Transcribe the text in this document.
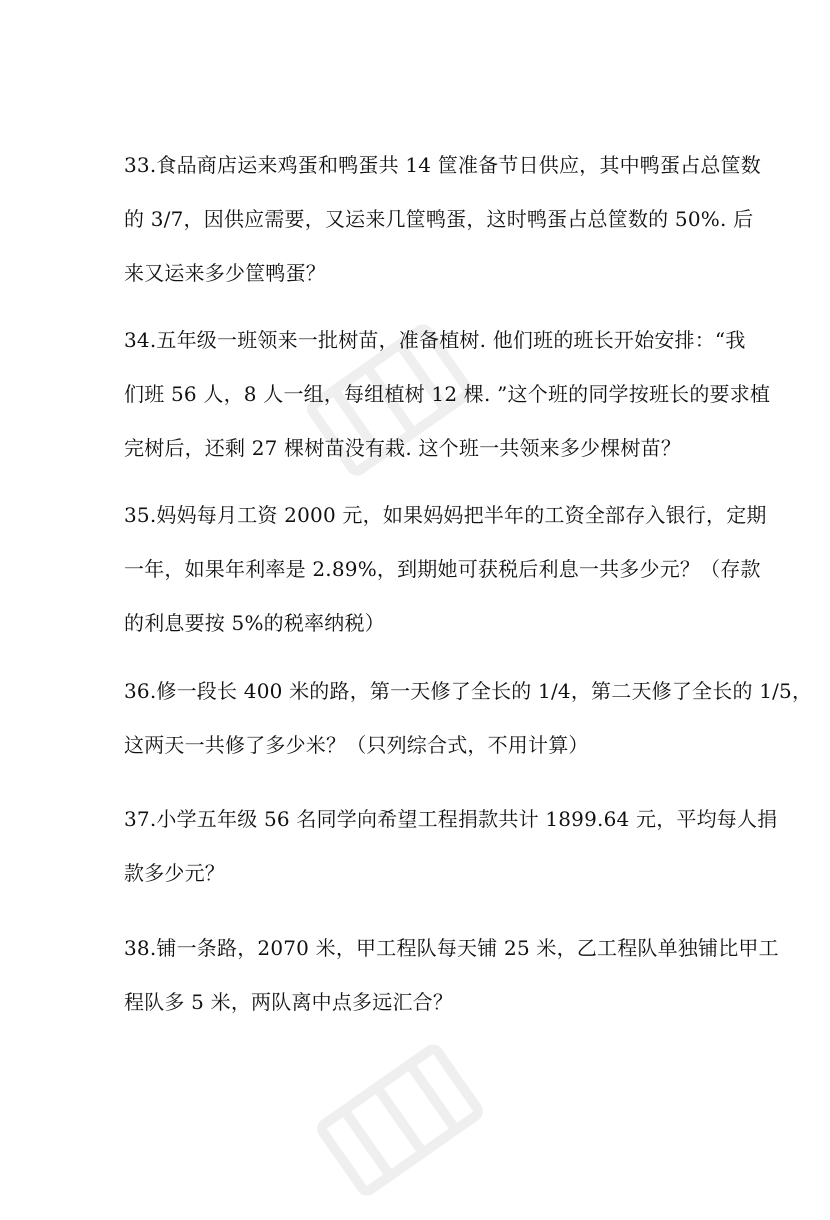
33.食品商店运来鸡蛋和鸭蛋共 14 筐准备节日供应，其中鸭蛋占总筐数
的 3/7，因供应需要，又运来几筐鸭蛋，这时鸭蛋占总筐数的 50%. 后
来又运来多少筐鸭蛋？
34.五年级一班领来一批树苗，准备植树. 他们班的班长开始安排：“我
们班 56 人，8 人一组，每组植树 12 棵. ”这个班的同学按班长的要求植
完树后，还剩 27 棵树苗没有栽. 这个班一共领来多少棵树苗？
35.妈妈每月工资 2000 元，如果妈妈把半年的工资全部存入银行，定期
一年，如果年利率是 2.89%，到期她可获税后利息一共多少元？（存款
的利息要按 5%的税率纳税）
36.修一段长 400 米的路，第一天修了全长的 1/4，第二天修了全长的 1/5，
这两天一共修了多少米？（只列综合式，不用计算）
37.小学五年级 56 名同学向希望工程捐款共计 1899.64 元，平均每人捐
款多少元？
38.铺一条路，2070 米，甲工程队每天铺 25 米，乙工程队单独铺比甲工
程队多 5 米，两队离中点多远汇合？
